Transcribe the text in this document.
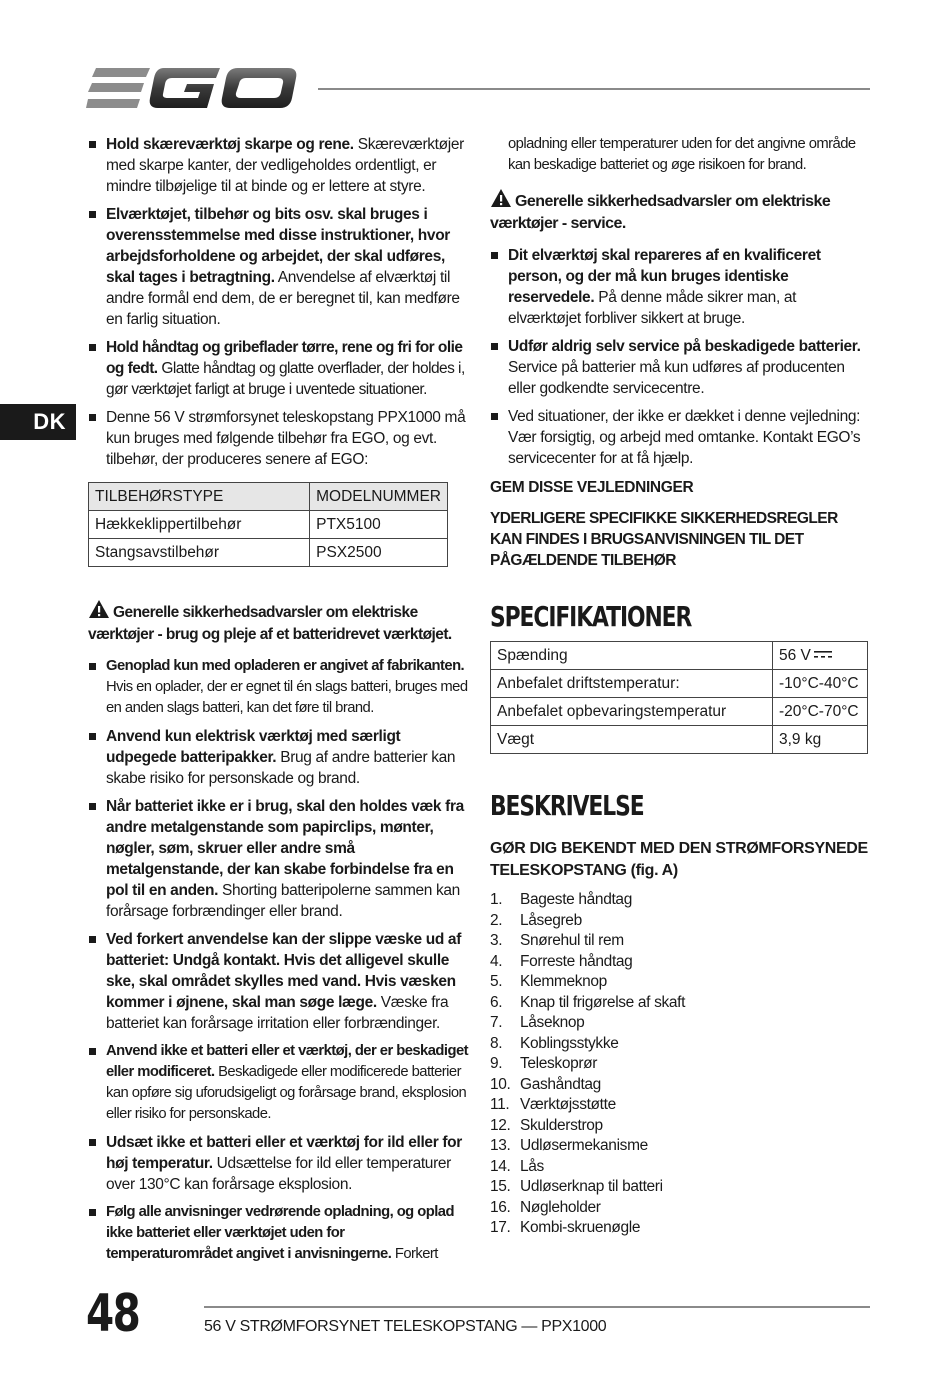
DK
Hold skæreværktøj skarpe og rene. Skæreværktøjer med skarpe kanter, der vedligeholdes ordentligt, er mindre tilbøjelige til at binde og er lettere at styre.
Elværktøjet, tilbehør og bits osv. skal bruges i overensstemmelse med disse instruktioner, hvor arbejdsforholdene og arbejdet, der skal udføres, skal tages i betragtning. Anvendelse af elværktøj til andre formål end dem, de er beregnet til, kan medføre en farlig situation.
Hold håndtag og gribeflader tørre, rene og fri for olie og fedt. Glatte håndtag og glatte overflader, der holdes i, gør værktøjet farligt at bruge i uventede situationer.
Denne 56 V strømforsynet teleskopstang PPX1000 må kun bruges med følgende tilbehør fra EGO, og evt. tilbehør, der produceres senere af EGO:
TILBEHØRSTYPE	MODELNUMMER
Hækkeklippertilbehør	PTX5100
Stangsavstilbehør	PSX2500
Generelle sikkerhedsadvarsler om elektriske værktøjer - brug og pleje af et batteridrevet værktøjet.
Genoplad kun med opladeren er angivet af fabrikanten. Hvis en oplader, der er egnet til én slags batteri, bruges med en anden slags batteri, kan det føre til brand.
Anvend kun elektrisk værktøj med særligt udpegede batteripakker. Brug af andre batterier kan skabe risiko for personskade og brand.
Når batteriet ikke er i brug, skal den holdes væk fra andre metalgenstande som papirclips, mønter, nøgler, søm, skruer eller andre små metalgenstande, der kan skabe forbindelse fra en pol til en anden. Shorting batteripolerne sammen kan forårsage forbrændinger eller brand.
Ved forkert anvendelse kan der slippe væske ud af batteriet: Undgå kontakt. Hvis det alligevel skulle ske, skal området skylles med vand. Hvis væsken kommer i øjnene, skal man søge læge. Væske fra batteriet kan forårsage irritation eller forbrændinger.
Anvend ikke et batteri eller et værktøj, der er beskadiget eller modificeret. Beskadigede eller modificerede batterier kan opføre sig uforudsigeligt og forårsage brand, eksplosion eller risiko for personskade.
Udsæt ikke et batteri eller et værktøj for ild eller for høj temperatur. Udsættelse for ild eller temperaturer over 130°C kan forårsage eksplosion.
Følg alle anvisninger vedrørende opladning, og oplad ikke batteriet eller værktøjet uden for temperaturområdet angivet i anvisningerne. Forkert
opladning eller temperaturer uden for det angivne område kan beskadige batteriet og øge risikoen for brand.
Generelle sikkerhedsadvarsler om elektriske værktøjer - service.
Dit elværktøj skal repareres af en kvalificeret person, og der må kun bruges identiske reservedele. På denne måde sikrer man, at elværktøjet forbliver sikkert at bruge.
Udfør aldrig selv service på beskadigede batterier. Service på batterier må kun udføres af producenten eller godkendte servicecentre.
Ved situationer, der ikke er dækket i denne vejledning: Vær forsigtig, og arbejd med omtanke. Kontakt EGO’s servicecenter for at få hjælp.
GEM DISSE VEJLEDNINGER
YDERLIGERE SPECIFIKKE SIKKERHEDSREGLER KAN FINDES I BRUGSANVISNINGEN TIL DET PÅGÆLDENDE TILBEHØR
SPECIFIKATIONER
Spænding	56 V
Anbefalet driftstemperatur:	-10°C-40°C
Anbefalet opbevaringstemperatur	-20°C-70°C
Vægt	3,9 kg
BESKRIVELSE
GØR DIG BEKENDT MED DEN STRØMFORSYNEDE TELESKOPSTANG (fig. A)
1.	Bageste håndtag
2.	Låsegreb
3.	Snørehul til rem
4.	Forreste håndtag
5.	Klemmeknop
6.	Knap til frigørelse af skaft
7.	Låseknop
8.	Koblingsstykke
9.	Teleskoprør
10. Gashåndtag
11. Værktøjsstøtte
12. Skulderstrop
13. Udløsermekanisme
14. Lås
15. Udløserknap til batteri
16. Nøgleholder
17. Kombi-skruenøgle
48	56 V STRØMFORSYNET TELESKOPSTANG — PPX1000
